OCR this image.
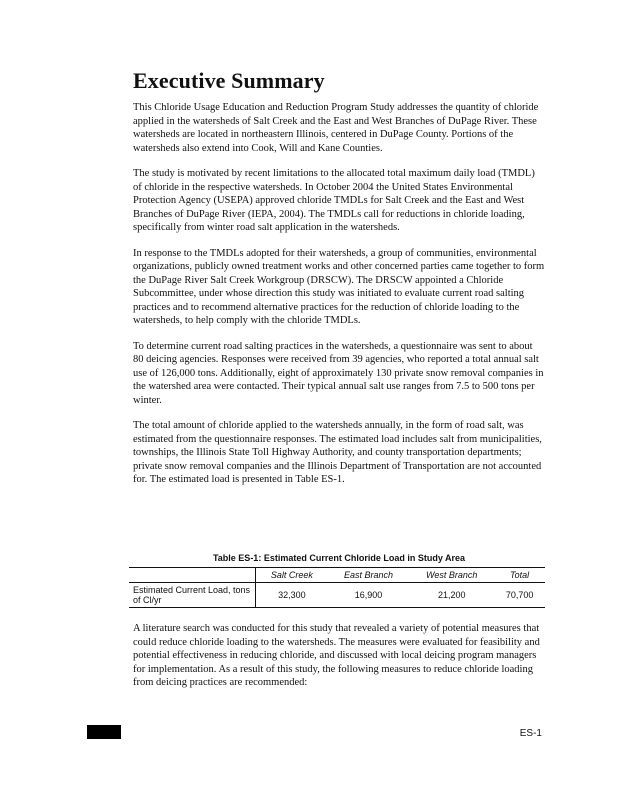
Executive Summary

This Chloride Usage Education and Reduction Program Study addresses the quantity of chloride applied in the watersheds of Salt Creek and the East and West Branches of DuPage River. These watersheds are located in northeastern Illinois, centered in DuPage County. Portions of the watersheds also extend into Cook, Will and Kane Counties.

The study is motivated by recent limitations to the allocated total maximum daily load (TMDL) of chloride in the respective watersheds. In October 2004 the United States Environmental Protection Agency (USEPA) approved chloride TMDLs for Salt Creek and the East and West Branches of DuPage River (IEPA, 2004). The TMDLs call for reductions in chloride loading, specifically from winter road salt application in the watersheds.

In response to the TMDLs adopted for their watersheds, a group of communities, environmental organizations, publicly owned treatment works and other concerned parties came together to form the DuPage River Salt Creek Workgroup (DRSCW). The DRSCW appointed a Chloride Subcommittee, under whose direction this study was initiated to evaluate current road salting practices and to recommend alternative practices for the reduction of chloride loading to the watersheds, to help comply with the chloride TMDLs.

To determine current road salting practices in the watersheds, a questionnaire was sent to about 80 deicing agencies. Responses were received from 39 agencies, who reported a total annual salt use of 126,000 tons. Additionally, eight of approximately 130 private snow removal companies in the watershed area were contacted. Their typical annual salt use ranges from 7.5 to 500 tons per winter.

The total amount of chloride applied to the watersheds annually, in the form of road salt, was estimated from the questionnaire responses. The estimated load includes salt from municipalities, townships, the Illinois State Toll Highway Authority, and county transportation departments; private snow removal companies and the Illinois Department of Transportation are not accounted for. The estimated load is presented in Table ES-1.

Table ES-1: Estimated Current Chloride Load in Study Area
	Salt Creek	East Branch	West Branch	Total
Estimated Current Load, tons of Cl/yr	32,300	16,900	21,200	70,700

A literature search was conducted for this study that revealed a variety of potential measures that could reduce chloride loading to the watersheds. The measures were evaluated for feasibility and potential effectiveness in reducing chloride, and discussed with local deicing program managers for implementation. As a result of this study, the following measures to reduce chloride loading from deicing practices are recommended:

ES-1
